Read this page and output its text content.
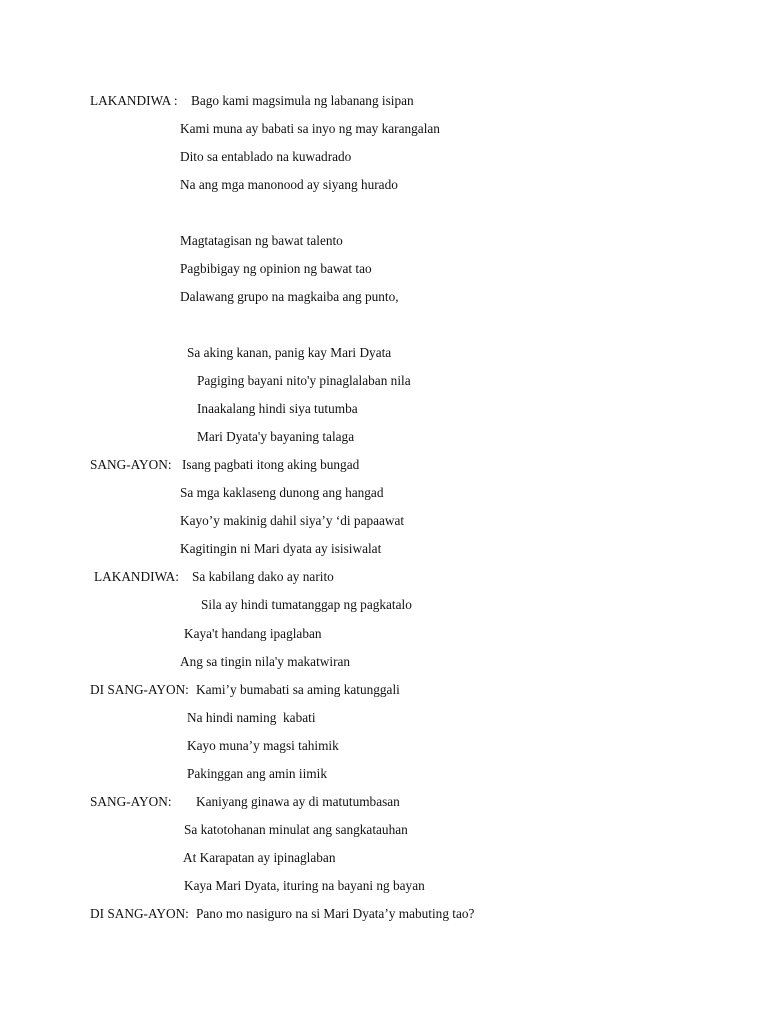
LAKANDIWA : Bago kami magsimula ng labanang isipan
Kami muna ay babati sa inyo ng may karangalan
Dito sa entablado na kuwadrado
Na ang mga manonood ay siyang hurado
Magtatagisan ng bawat talento
Pagbibigay ng opinion ng bawat tao
Dalawang grupo na magkaiba ang punto,
Sa aking kanan, panig kay Mari Dyata
Pagiging bayani nito'y pinaglalaban nila
Inaakalang hindi siya tutumba
Mari Dyata'y bayaning talaga
SANG-AYON: Isang pagbati itong aking bungad
Sa mga kaklaseng dunong ang hangad
Kayo’y makinig dahil siya’y ‘di papaawat
Kagitingin ni Mari dyata ay isisiwalat
LAKANDIWA: Sa kabilang dako ay narito
Sila ay hindi tumatanggap ng pagkatalo
Kaya't handang ipaglaban
Ang sa tingin nila'y makatwiran
DI SANG-AYON: Kami’y bumabati sa aming katunggali
Na hindi naming  kabati
Kayo muna’y magsi tahimik
Pakinggan ang amin iimik
SANG-AYON: Kaniyang ginawa ay di matutumbasan
Sa katotohanan minulat ang sangkatauhan
At Karapatan ay ipinaglaban
Kaya Mari Dyata, ituring na bayani ng bayan
DI SANG-AYON: Pano mo nasiguro na si Mari Dyata’y mabuting tao?
